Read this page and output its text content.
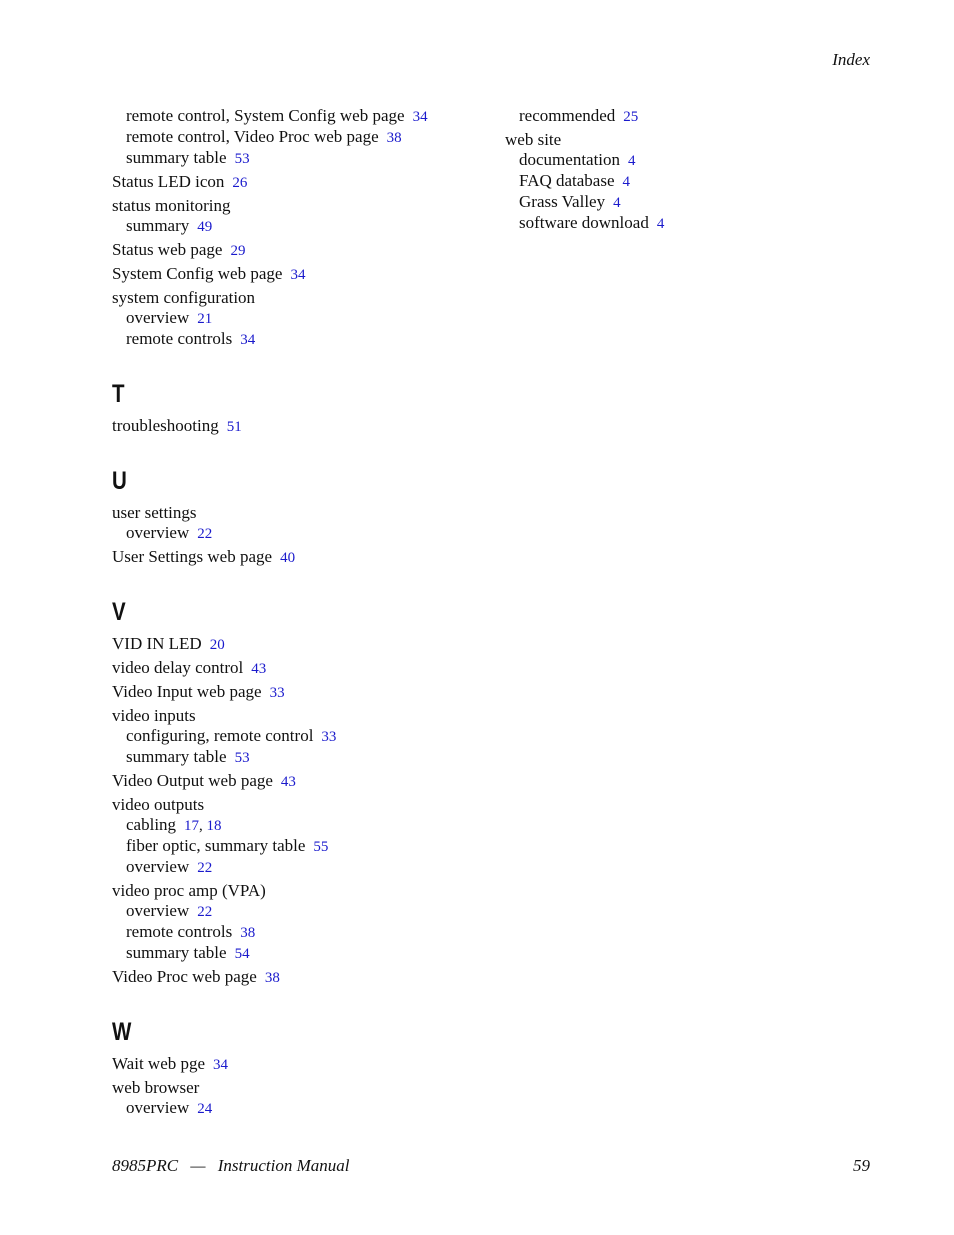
Index
remote control, System Config web page 34
remote control, Video Proc web page 38
summary table 53
Status LED icon 26
status monitoring
summary 49
Status web page 29
System Config web page 34
system configuration
overview 21
remote controls 34
T
troubleshooting 51
U
user settings
overview 22
User Settings web page 40
V
VID IN LED 20
video delay control 43
Video Input web page 33
video inputs
configuring, remote control 33
summary table 53
Video Output web page 43
video outputs
cabling 17, 18
fiber optic, summary table 55
overview 22
video proc amp (VPA)
overview 22
remote controls 38
summary table 54
Video Proc web page 38
W
Wait web pge 34
web browser
overview 24
recommended 25
web site
documentation 4
FAQ database 4
Grass Valley 4
software download 4
8985PRC — Instruction Manual	59
